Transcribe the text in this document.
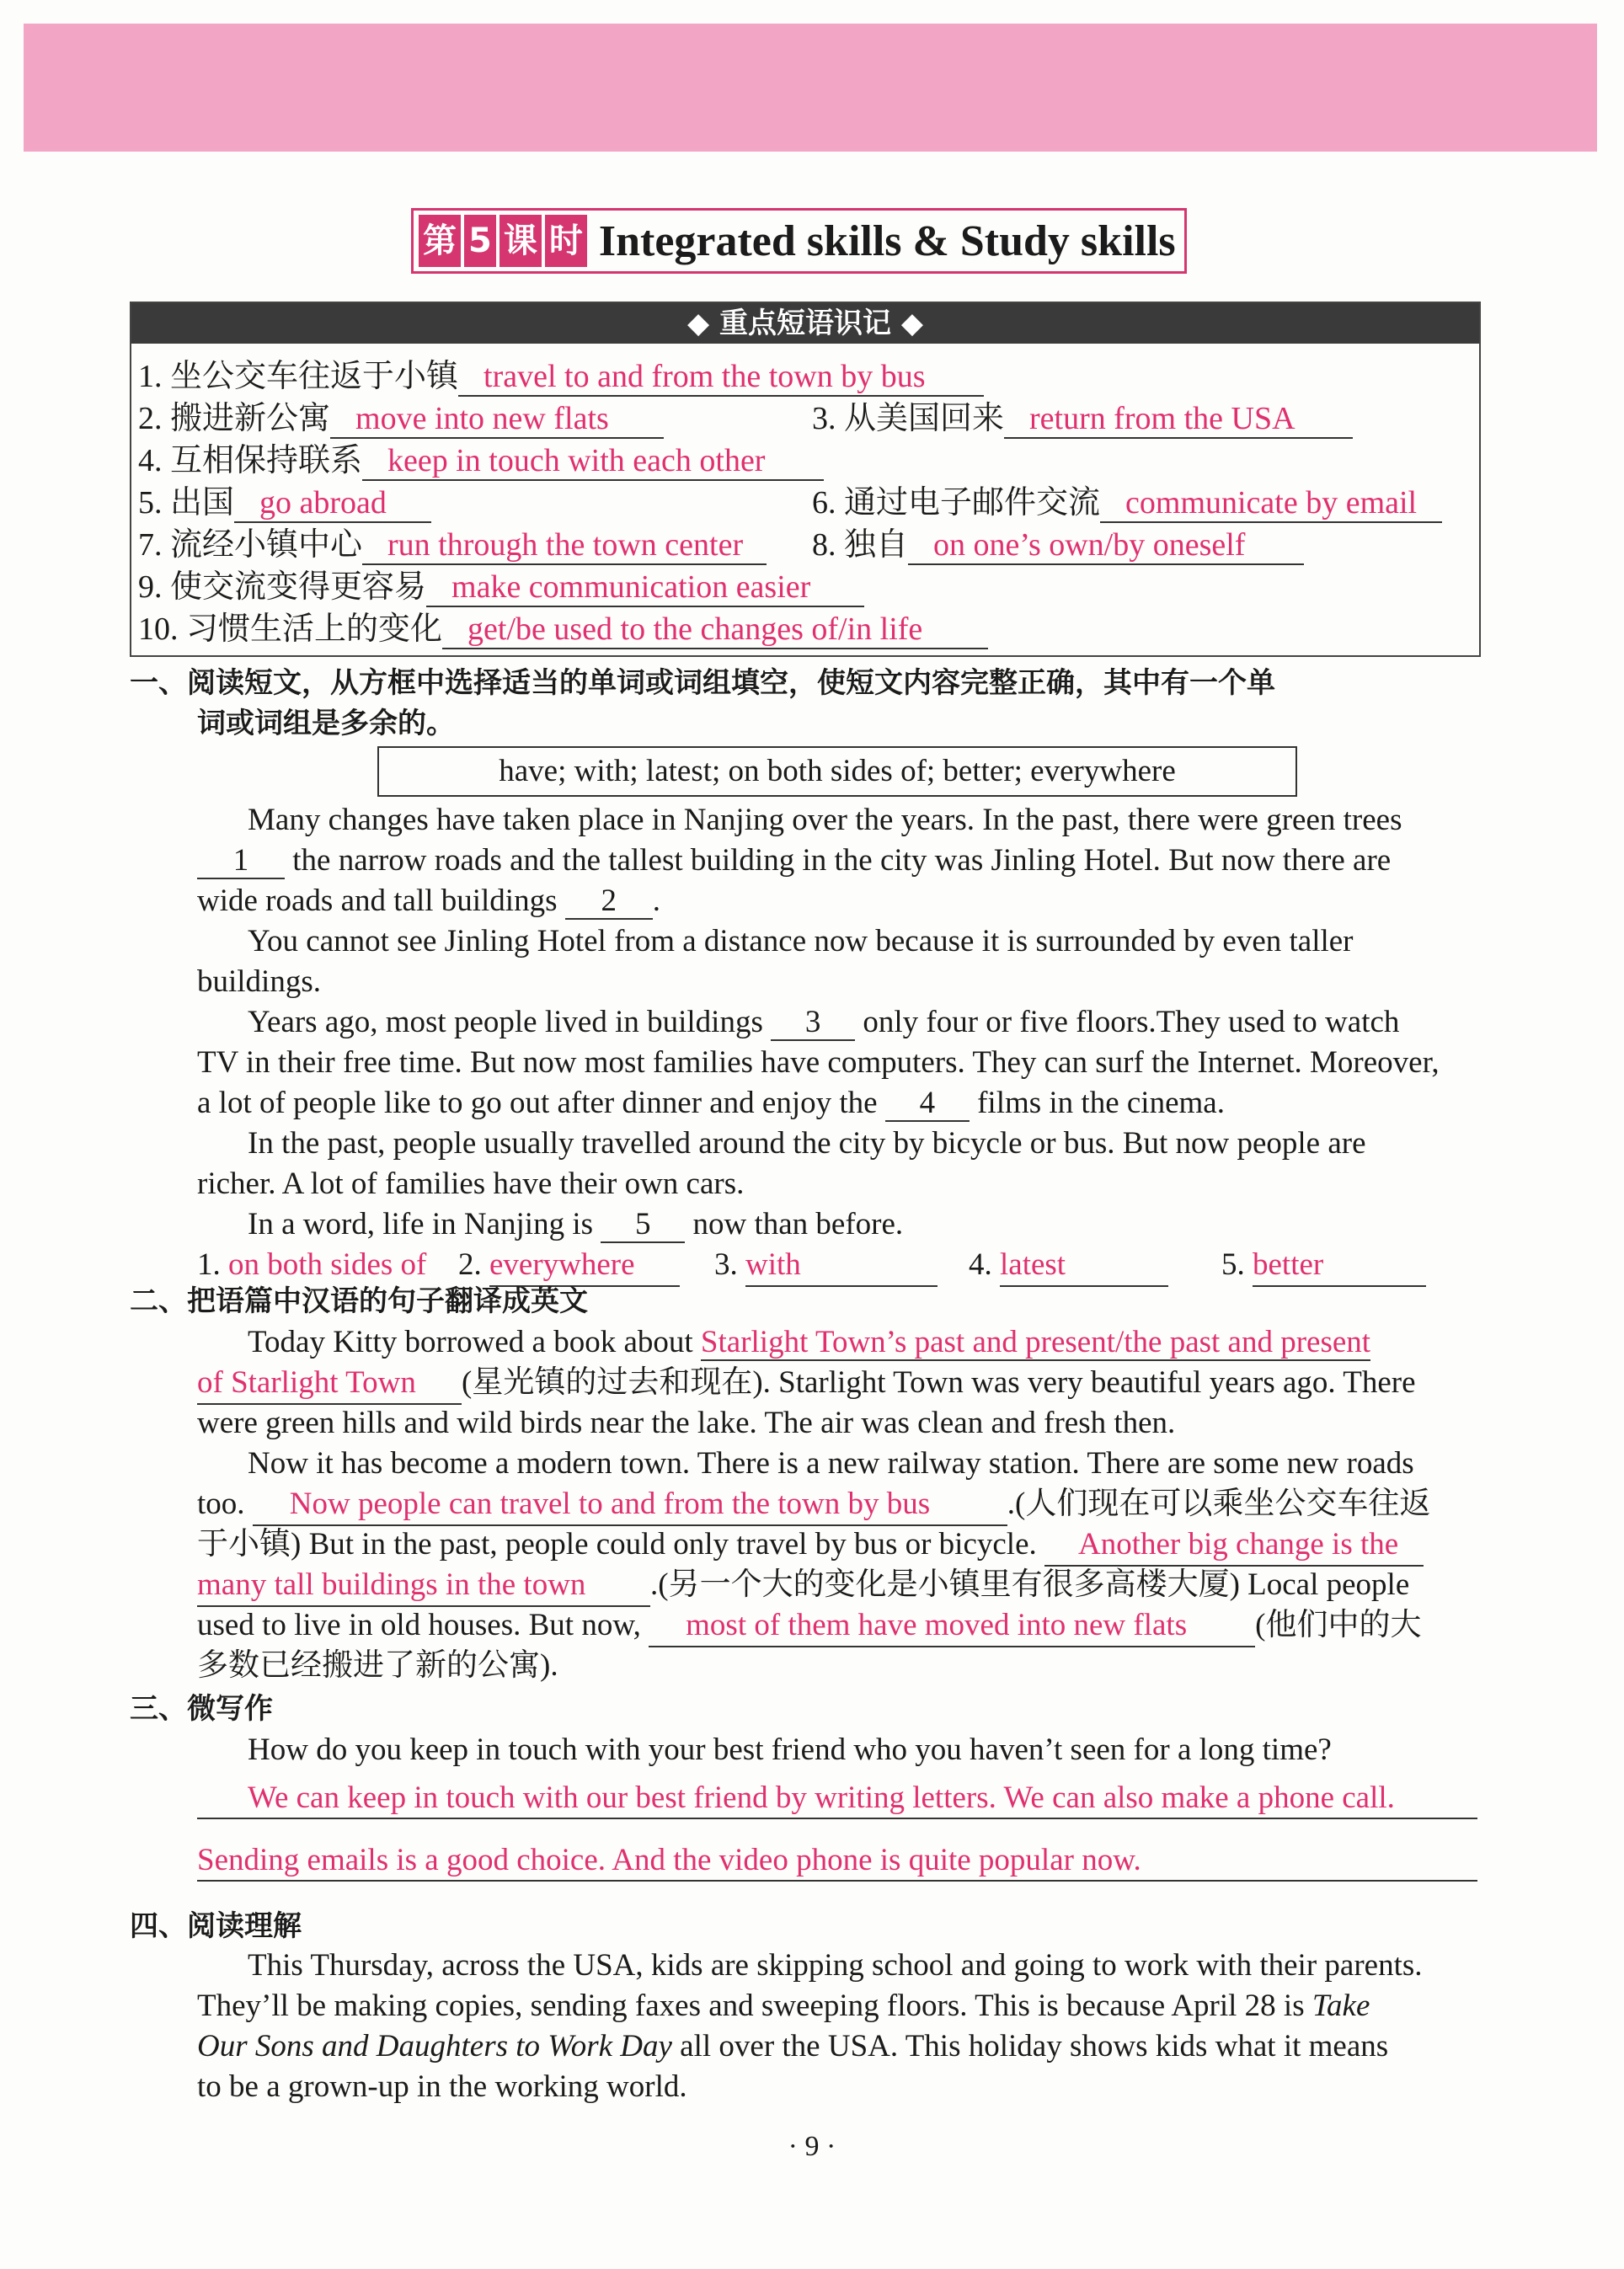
第 5 课 时 Integrated skills & Study skills
◆ 重点短语识记 ◆
1. 坐公交车往返于小镇 travel to and from the town by bus
2. 搬进新公寓 move into new flats	3. 从美国回来 return from the USA
4. 互相保持联系 keep in touch with each other
5. 出国 go abroad	6. 通过电子邮件交流 communicate by email
7. 流经小镇中心 run through the town center	8. 独自 on one’s own/by oneself
9. 使交流变得更容易 make communication easier
10. 习惯生活上的变化 get/be used to the changes of/in life
一、阅读短文，从方框中选择适当的单词或词组填空，使短文内容完整正确，其中有一个单
词或词组是多余的。
have; with; latest; on both sides of; better; everywhere
Many changes have taken place in Nanjing over the years. In the past, there were green trees
1 the narrow roads and the tallest building in the city was Jinling Hotel. But now there are
wide roads and tall buildings 2 .
You cannot see Jinling Hotel from a distance now because it is surrounded by even taller
buildings.
Years ago, most people lived in buildings 3 only four or five floors.They used to watch
TV in their free time. But now most families have computers. They can surf the Internet. Moreover,
a lot of people like to go out after dinner and enjoy the 4 films in the cinema.
In the past, people usually travelled around the city by bicycle or bus. But now people are
richer. A lot of families have their own cars.
In a word, life in Nanjing is 5 now than before.
1. on both sides of 2. everywhere	3. with	4. latest	5. better
二、把语篇中汉语的句子翻译成英文
Today Kitty borrowed a book about Starlight Town’s past and present/the past and present
of Starlight Town (星光镇的过去和现在). Starlight Town was very beautiful years ago. There
were green hills and wild birds near the lake. The air was clean and fresh then.
Now it has become a modern town. There is a new railway station. There are some new roads
too. Now people can travel to and from the town by bus .(人们现在可以乘坐公交车往返
于小镇) But in the past, people could only travel by bus or bicycle. Another big change is the
many tall buildings in the town .(另一个大的变化是小镇里有很多高楼大厦) Local people
used to live in old houses. But now, most of them have moved into new flats (他们中的大
多数已经搬进了新的公寓).
三、微写作
How do you keep in touch with your best friend who you haven’t seen for a long time?
We can keep in touch with our best friend by writing letters. We can also make a phone call.
Sending emails is a good choice. And the video phone is quite popular now.
四、阅读理解
This Thursday, across the USA, kids are skipping school and going to work with their parents.
They’ll be making copies, sending faxes and sweeping floors. This is because April 28 is Take
Our Sons and Daughters to Work Day all over the USA. This holiday shows kids what it means
to be a grown-up in the working world.
· 9 ·
